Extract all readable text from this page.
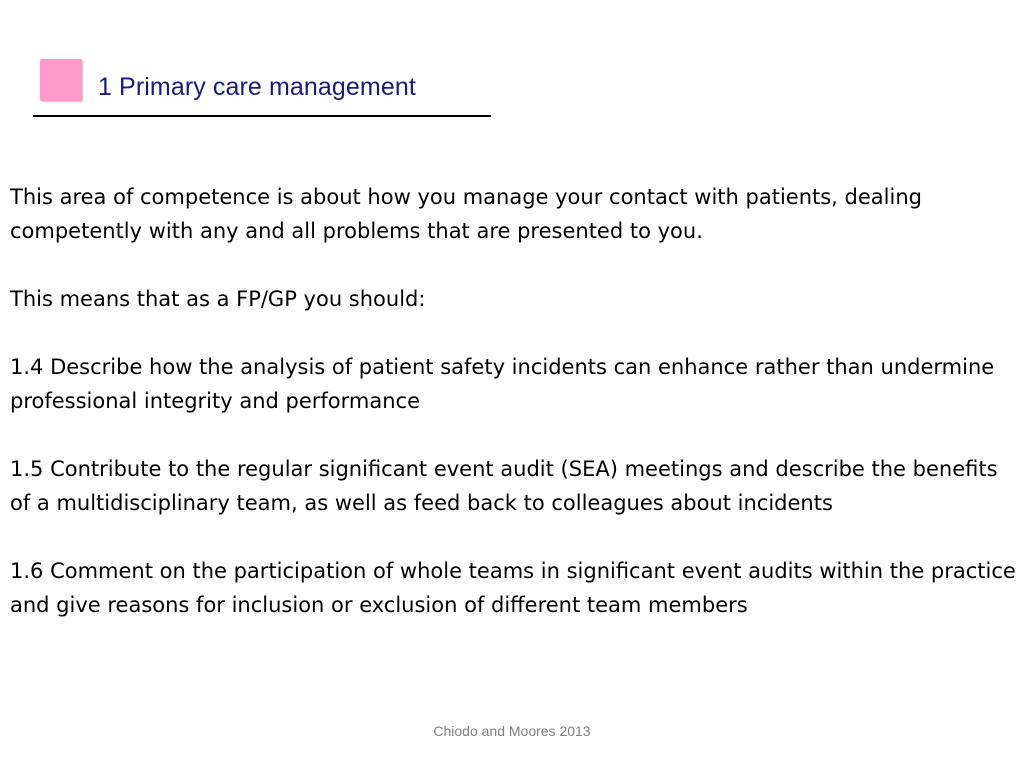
1 Primary care management

This area of competence is about how you manage your contact with patients, dealing competently with any and all problems that are presented to you.

This means that as a FP/GP you should:

1.4 Describe how the analysis of patient safety incidents can enhance rather than undermine professional integrity and performance

1.5 Contribute to the regular significant event audit (SEA) meetings and describe the benefits of a multidisciplinary team, as well as feed back to colleagues about incidents

1.6 Comment on the participation of whole teams in significant event audits within the practice and give reasons for inclusion or exclusion of different team members

Chiodo and Moores 2013
